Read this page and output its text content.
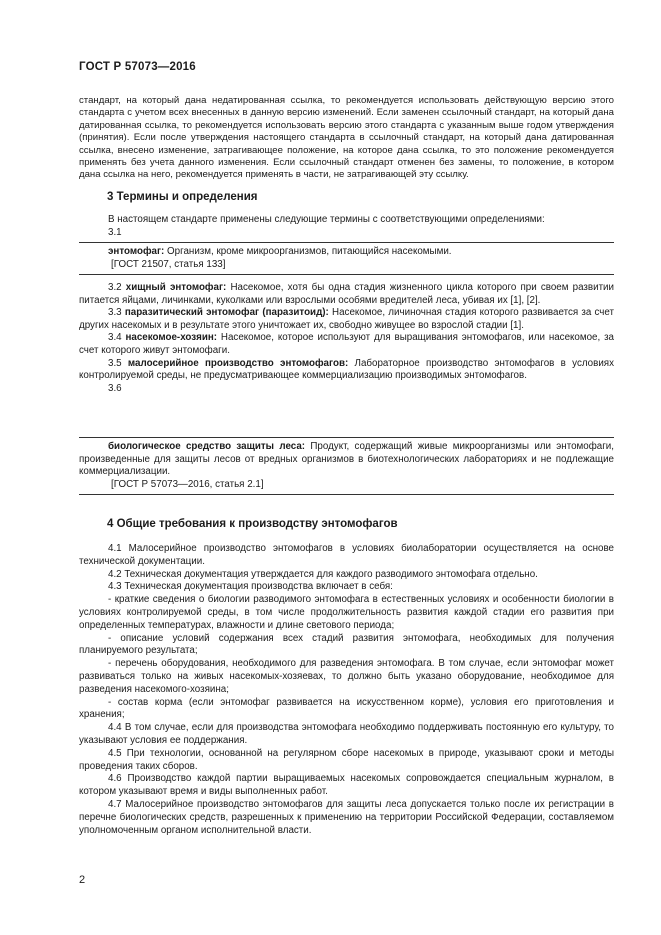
ГОСТ Р 57073—2016

стандарт, на который дана недатированная ссылка, то рекомендуется использовать действующую версию этого стандарта с учетом всех внесенных в данную версию изменений. Если заменен ссылочный стандарт, на который дана датированная ссылка, то рекомендуется использовать версию этого стандарта с указанным выше годом утверждения (принятия). Если после утверждения настоящего стандарта в ссылочный стандарт, на который дана датированная ссылка, внесено изменение, затрагивающее положение, на которое дана ссылка, то это положение рекомендуется применять без учета данного изменения. Если ссылочный стандарт отменен без замены, то положение, в котором дана ссылка на него, рекомендуется применять в части, не затрагивающей эту ссылку.

3 Термины и определения

В настоящем стандарте применены следующие термины с соответствующими определениями:

3.1

энтомофаг: Организм, кроме микроорганизмов, питающийся насекомыми.

[ГОСТ 21507, статья 133]

3.2 хищный энтомофаг: Насекомое, хотя бы одна стадия жизненного цикла которого при своем развитии питается яйцами, личинками, куколками или взрослыми особями вредителей леса, убивая их [1], [2].

3.3 паразитический энтомофаг (паразитоид): Насекомое, личиночная стадия которого развивается за счет других насекомых и в результате этого уничтожает их, свободно живущее во взрослой стадии [1].

3.4 насекомое-хозяин: Насекомое, которое используют для выращивания энтомофагов, или насекомое, за счет которого живут энтомофаги.

3.5 малосерийное производство энтомофагов: Лабораторное производство энтомофагов в условиях контролируемой среды, не предусматривающее коммерциализацию производимых энтомофагов.

3.6

биологическое средство защиты леса: Продукт, содержащий живые микроорганизмы или энтомофаги, произведенные для защиты лесов от вредных организмов в биотехнологических лабораториях и не подлежащие коммерциализации.

[ГОСТ Р 57073—2016, статья 2.1]

4 Общие требования к производству энтомофагов

4.1 Малосерийное производство энтомофагов в условиях биолаборатории осуществляется на основе технической документации.

4.2 Техническая документация утверждается для каждого разводимого энтомофага отдельно.

4.3 Техническая документация производства включает в себя:

- краткие сведения о биологии разводимого энтомофага в естественных условиях и особенности биологии в условиях контролируемой среды, в том числе продолжительность развития каждой стадии его развития при определенных температурах, влажности и длине светового периода;

- описание условий содержания всех стадий развития энтомофага, необходимых для получения планируемого результата;

- перечень оборудования, необходимого для разведения энтомофага. В том случае, если энтомофаг может развиваться только на живых насекомых-хозяевах, то должно быть указано оборудование, необходимое для разведения насекомого-хозяина;

- состав корма (если энтомофаг развивается на искусственном корме), условия его приготовления и хранения;

4.4 В том случае, если для производства энтомофага необходимо поддерживать постоянную его культуру, то указывают условия ее поддержания.

4.5 При технологии, основанной на регулярном сборе насекомых в природе, указывают сроки и методы проведения таких сборов.

4.6 Производство каждой партии выращиваемых насекомых сопровождается специальным журналом, в котором указывают время и виды выполненных работ.

4.7 Малосерийное производство энтомофагов для защиты леса допускается только после их регистрации в перечне биологических средств, разрешенных к применению на территории Российской Федерации, составляемом уполномоченным органом исполнительной власти.

2
